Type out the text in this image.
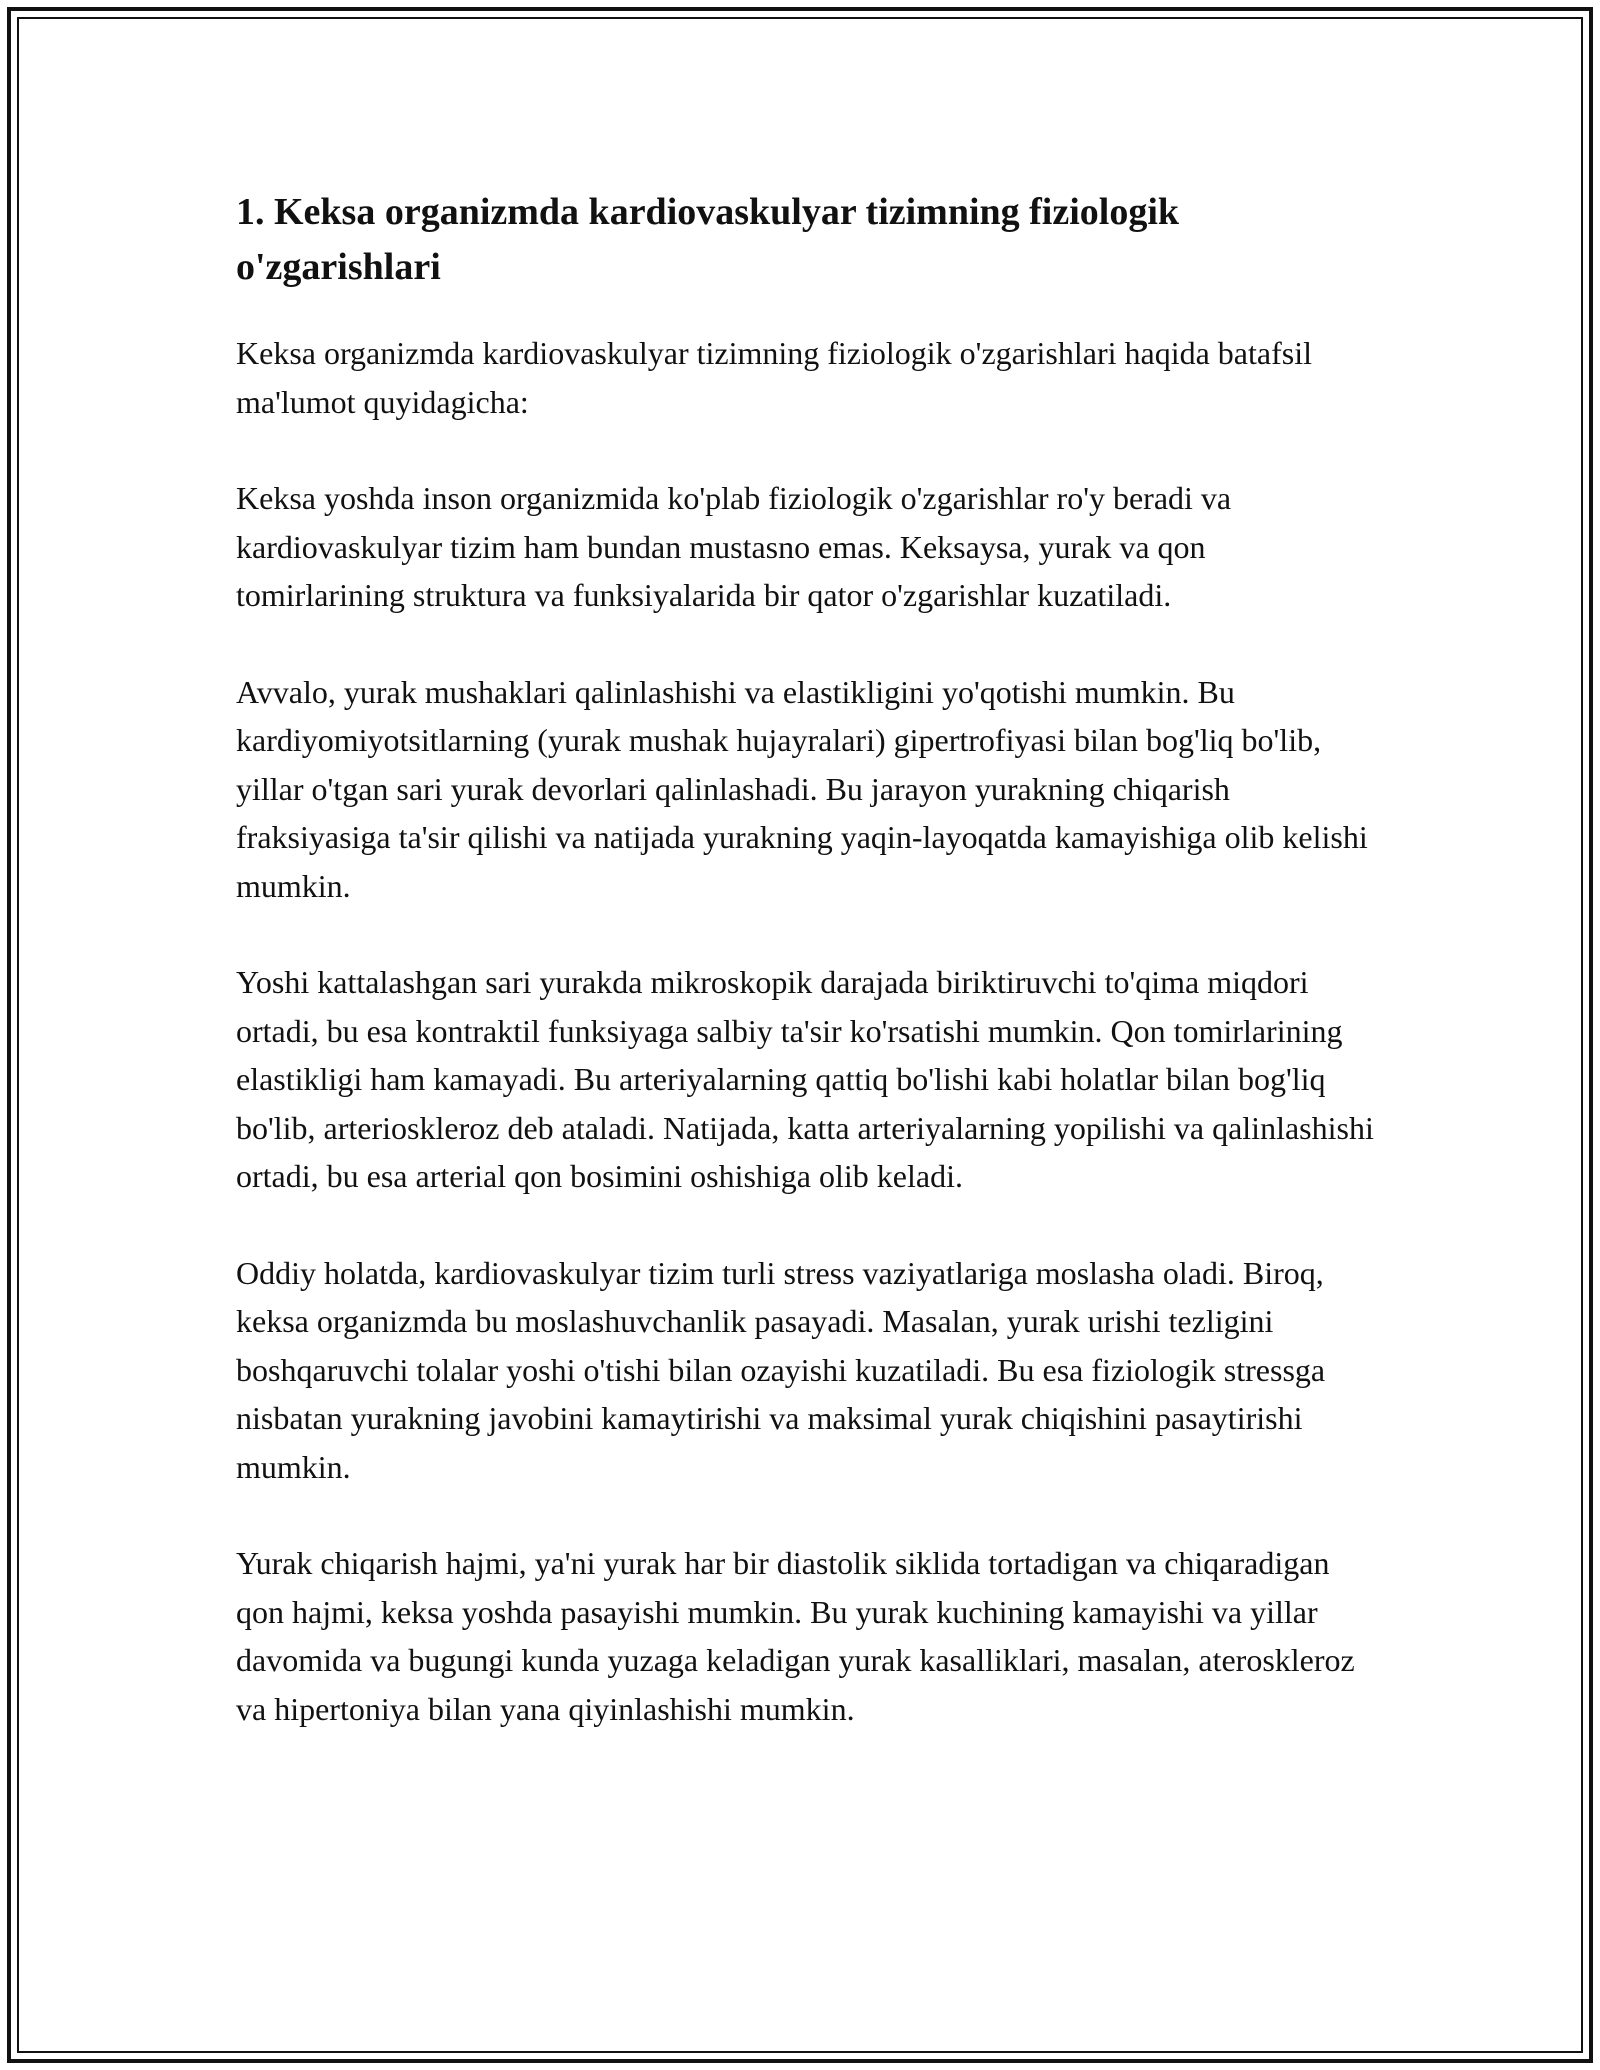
1. Keksa organizmda kardiovaskulyar tizimning fiziologik o'zgarishlari

Keksa organizmda kardiovaskulyar tizimning fiziologik o'zgarishlari haqida batafsil ma'lumot quyidagicha:

Keksa yoshda inson organizmida ko'plab fiziologik o'zgarishlar ro'y beradi va kardiovaskulyar tizim ham bundan mustasno emas. Keksaysa, yurak va qon tomirlarining struktura va funksiyalarida bir qator o'zgarishlar kuzatiladi.

Avvalo, yurak mushaklari qalinlashishi va elastikligini yo'qotishi mumkin. Bu kardiyomiyotsitlarning (yurak mushak hujayralari) gipertrofiyasi bilan bog'liq bo'lib, yillar o'tgan sari yurak devorlari qalinlashadi. Bu jarayon yurakning chiqarish fraksiyasiga ta'sir qilishi va natijada yurakning yaqin-layoqatda kamayishiga olib kelishi mumkin.

Yoshi kattalashgan sari yurakda mikroskopik darajada biriktiruvchi to'qima miqdori ortadi, bu esa kontraktil funksiyaga salbiy ta'sir ko'rsatishi mumkin. Qon tomirlarining elastikligi ham kamayadi. Bu arteriyalarning qattiq bo'lishi kabi holatlar bilan bog'liq bo'lib, arterioskleroz deb ataladi. Natijada, katta arteriyalarning yopilishi va qalinlashishi ortadi, bu esa arterial qon bosimini oshishiga olib keladi.

Oddiy holatda, kardiovaskulyar tizim turli stress vaziyatlariga moslasha oladi. Biroq, keksa organizmda bu moslashuvchanlik pasayadi. Masalan, yurak urishi tezligini boshqaruvchi tolalar yoshi o'tishi bilan ozayishi kuzatiladi. Bu esa fiziologik stressga nisbatan yurakning javobini kamaytirishi va maksimal yurak chiqishini pasaytirishi mumkin.

Yurak chiqarish hajmi, ya'ni yurak har bir diastolik siklida tortadigan va chiqaradigan qon hajmi, keksa yoshda pasayishi mumkin. Bu yurak kuchining kamayishi va yillar davomida va bugungi kunda yuzaga keladigan yurak kasalliklari, masalan, ateroskleroz va hipertoniya bilan yana qiyinlashishi mumkin.
